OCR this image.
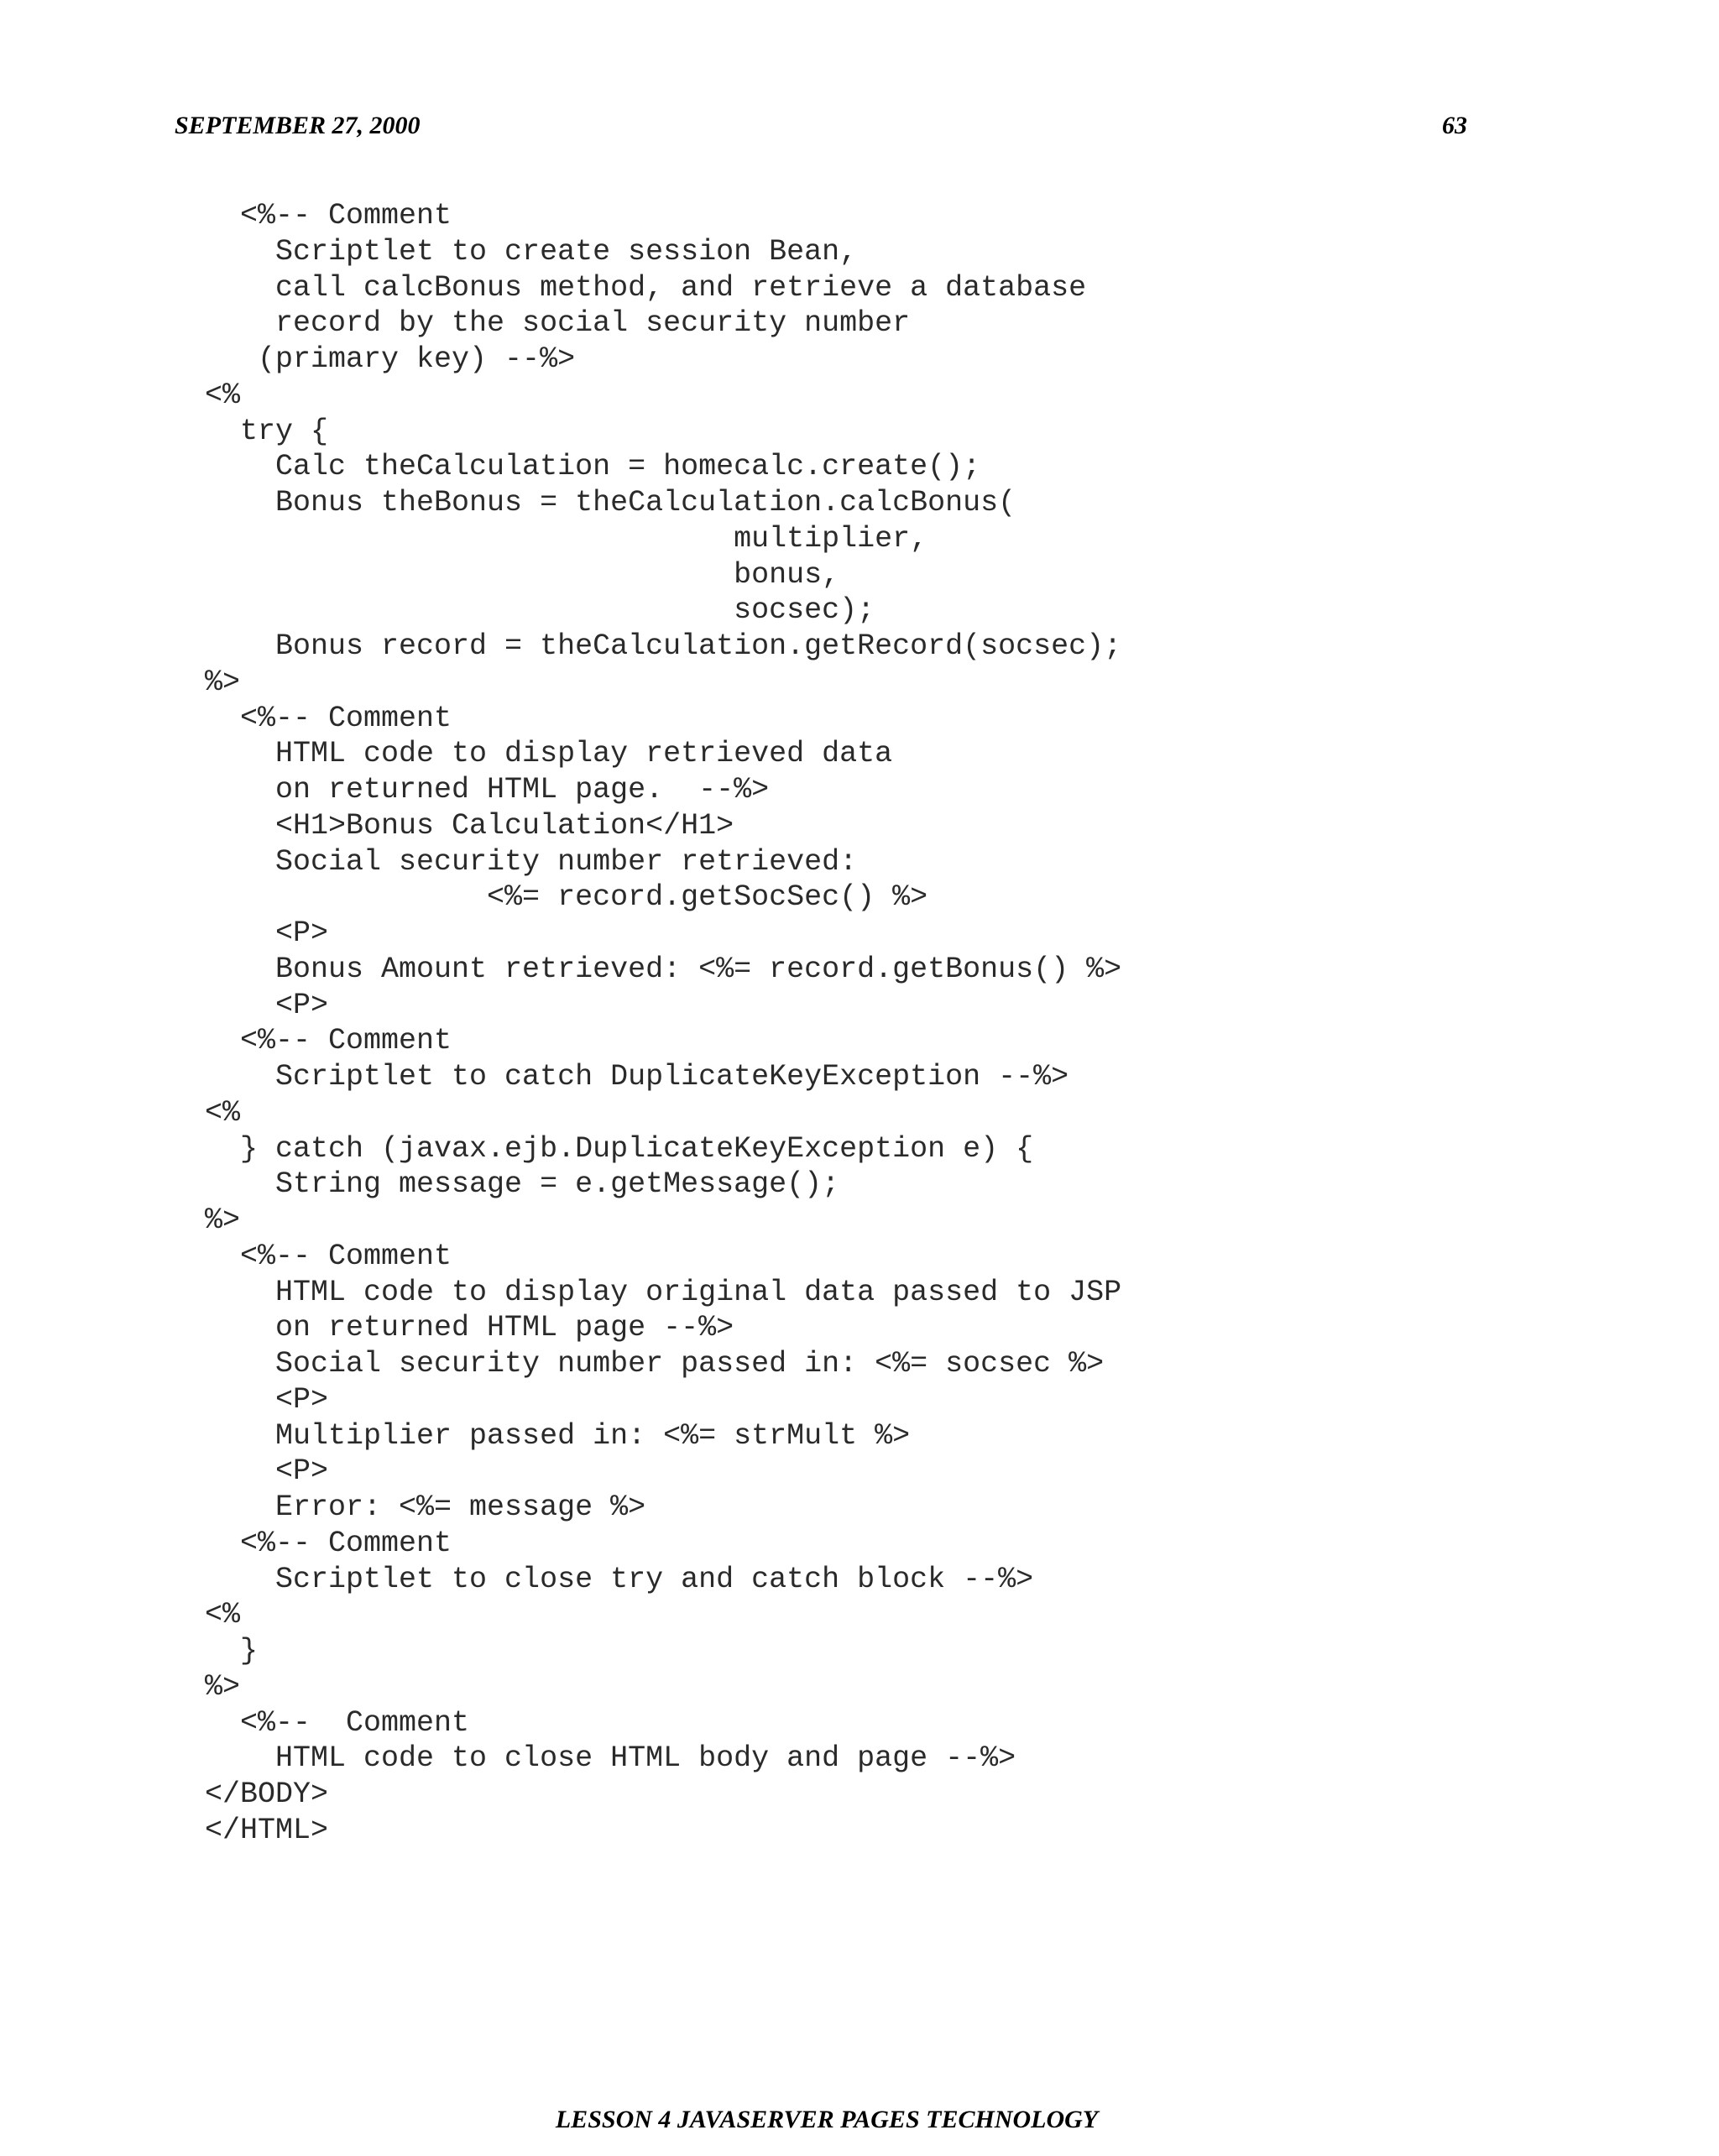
SEPTEMBER 27, 2000	63
<%-- Comment
Scriptlet to create session Bean,
call calcBonus method, and retrieve a database
record by the social security number
(primary key) --%>
<%
try {
Calc theCalculation = homecalc.create();
Bonus theBonus = theCalculation.calcBonus(
multiplier,
bonus,
socsec);
Bonus record = theCalculation.getRecord(socsec);
%>
<%-- Comment
HTML code to display retrieved data
on returned HTML page.  --%>
<H1>Bonus Calculation</H1>
Social security number retrieved:
<%= record.getSocSec() %>
<P>
Bonus Amount retrieved: <%= record.getBonus() %>
<P>
<%-- Comment
Scriptlet to catch DuplicateKeyException --%>
<%
} catch (javax.ejb.DuplicateKeyException e) {
String message = e.getMessage();
%>
<%-- Comment
HTML code to display original data passed to JSP
on returned HTML page --%>
Social security number passed in: <%= socsec %>
<P>
Multiplier passed in: <%= strMult %>
<P>
Error: <%= message %>
<%-- Comment
Scriptlet to close try and catch block --%>
<%
}
%>
<%--  Comment
HTML code to close HTML body and page --%>
</BODY>
</HTML>
LESSON 4 JAVASERVER PAGES TECHNOLOGY
